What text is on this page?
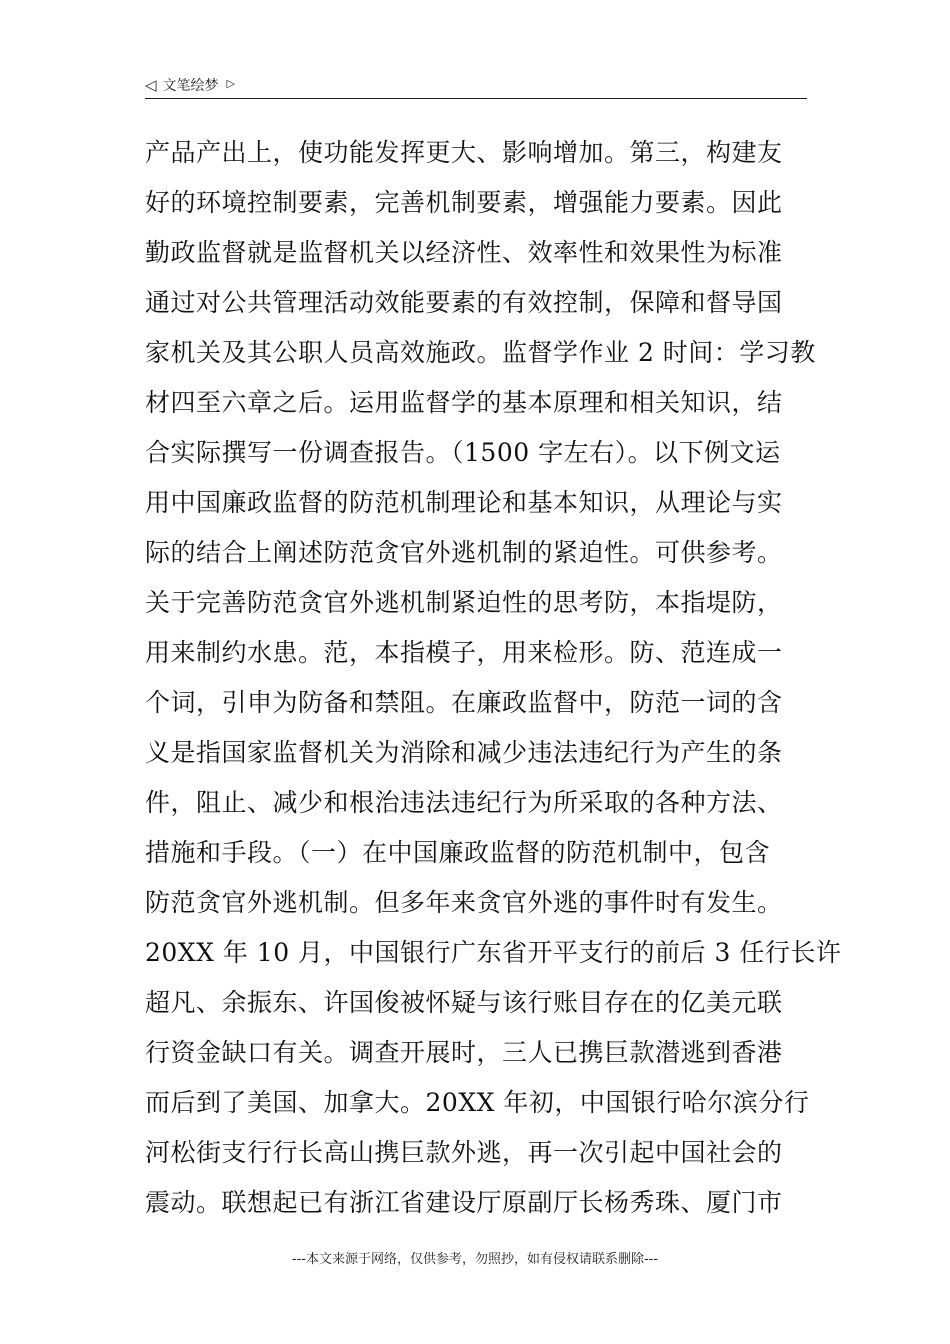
◁ 文笔绘梦 ▷
产品产出上，使功能发挥更大、影响增加。第三，构建友
好的环境控制要素，完善机制要素，增强能力要素。因此
勤政监督就是监督机关以经济性、效率性和效果性为标准
通过对公共管理活动效能要素的有效控制，保障和督导国
家机关及其公职人员高效施政。监督学作业 2 时间：学习教
材四至六章之后。运用监督学的基本原理和相关知识，结
合实际撰写一份调查报告。（1500 字左右）。以下例文运
用中国廉政监督的防范机制理论和基本知识，从理论与实
际的结合上阐述防范贪官外逃机制的紧迫性。可供参考。
关于完善防范贪官外逃机制紧迫性的思考防，本指堤防，
用来制约水患。范，本指模子，用来检形。防、范连成一
个词，引申为防备和禁阻。在廉政监督中，防范一词的含
义是指国家监督机关为消除和减少违法违纪行为产生的条
件，阻止、减少和根治违法违纪行为所采取的各种方法、
措施和手段。（一）在中国廉政监督的防范机制中，包含
防范贪官外逃机制。但多年来贪官外逃的事件时有发生。
20XX 年 10 月，中国银行广东省开平支行的前后 3 任行长许
超凡、余振东、许国俊被怀疑与该行账目存在的亿美元联
行资金缺口有关。调查开展时，三人已携巨款潜逃到香港
而后到了美国、加拿大。20XX 年初，中国银行哈尔滨分行
河松街支行行长高山携巨款外逃，再一次引起中国社会的
震动。联想起已有浙江省建设厅原副厅长杨秀珠、厦门市
---本文来源于网络，仅供参考，勿照抄，如有侵权请联系删除---
